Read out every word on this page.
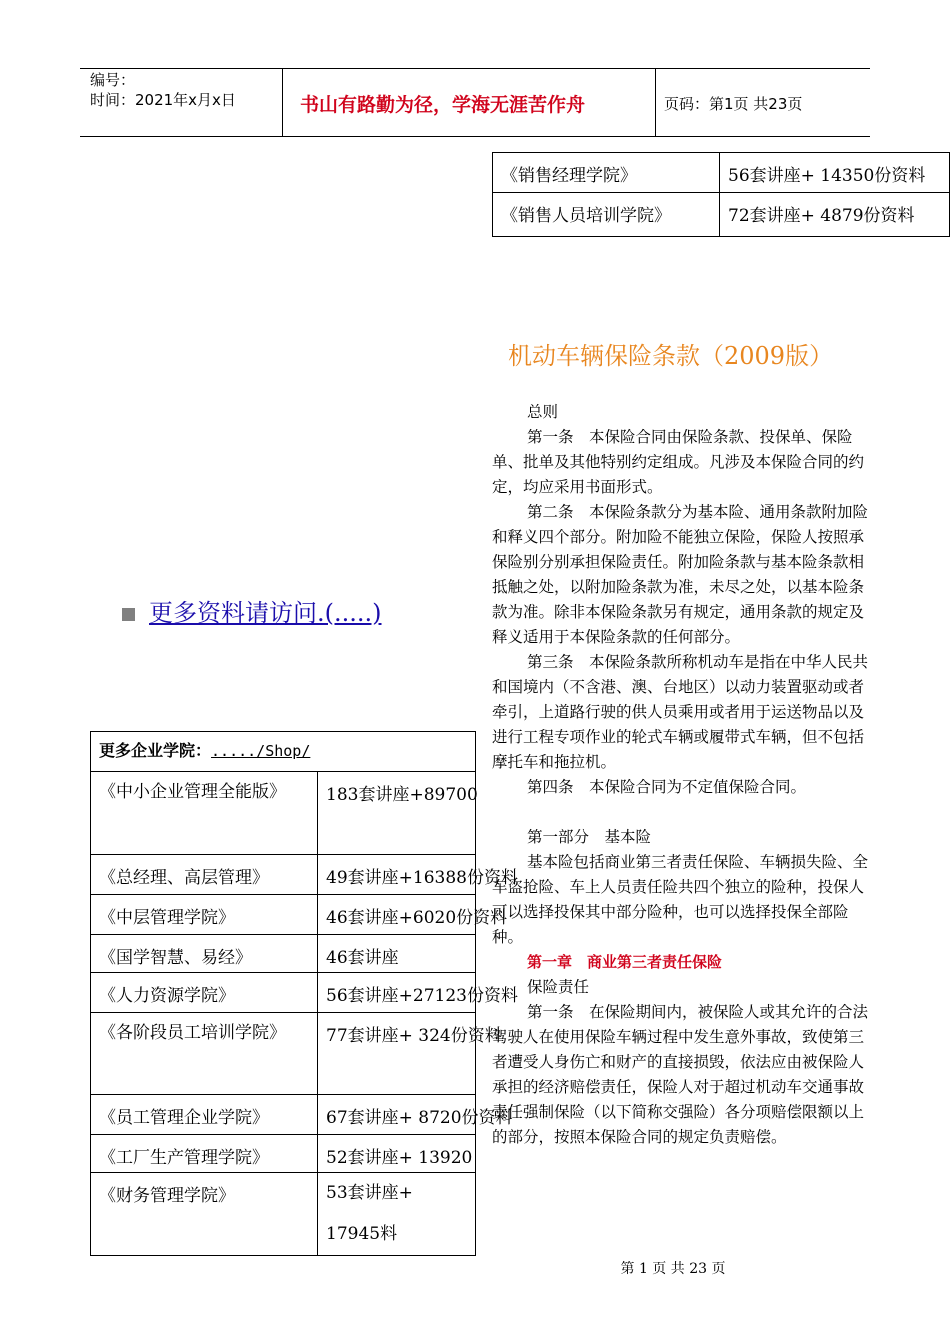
编号：
时间：2021年x月x日	书山有路勤为径，学海无涯苦作舟	页码：第1页 共23页
《销售经理学院》	56套讲座+ 14350份资料
《销售人员培训学院》	72套讲座+ 4879份资料
机动车辆保险条款（2009版）
更多资料请访问.(.....)

总则

第一条　本保险合同由保险条款、投保单、保险单、批单及其他特别约定组成。凡涉及本保险合同的约定，均应采用书面形式。

第二条　本保险条款分为基本险、通用条款附加险和释义四个部分。附加险不能独立保险，保险人按照承保险别分别承担保险责任。附加险条款与基本险条款相抵触之处，以附加险条款为准，未尽之处，以基本险条款为准。除非本保险条款另有规定，通用条款的规定及释义适用于本保险条款的任何部分。

第三条　本保险条款所称机动车是指在中华人民共和国境内（不含港、澳、台地区）以动力装置驱动或者牵引，上道路行驶的供人员乘用或者用于运送物品以及进行工程专项作业的轮式车辆或履带式车辆，但不包括摩托车和拖拉机。

第四条　本保险合同为不定值保险合同。

第一部分　基本险

基本险包括商业第三者责任保险、车辆损失险、全车盗抢险、车上人员责任险共四个独立的险种，投保人可以选择投保其中部分险种，也可以选择投保全部险种。

第一章　商业第三者责任保险

保险责任

第一条　在保险期间内，被保险人或其允许的合法驾驶人在使用保险车辆过程中发生意外事故，致使第三者遭受人身伤亡和财产的直接损毁，依法应由被保险人承担的经济赔偿责任，保险人对于超过机动车交通事故责任强制保险（以下简称交强险）各分项赔偿限额以上的部分，按照本保险合同的规定负责赔偿。

更多企业学院：...../Shop/	
《中小企业管理全能版》	183套讲座+89700
《总经理、高层管理》	49套讲座+16388份资料
《中层管理学院》	46套讲座+6020份资料
《国学智慧、易经》	46套讲座
《人力资源学院》	56套讲座+27123份资料
《各阶段员工培训学院》	77套讲座+ 324份资料
《员工管理企业学院》	67套讲座+ 8720份资料
《工厂生产管理学院》	52套讲座+ 13920
《财务管理学院》	53套讲座+ 17945料
第 1 页 共 23 页
